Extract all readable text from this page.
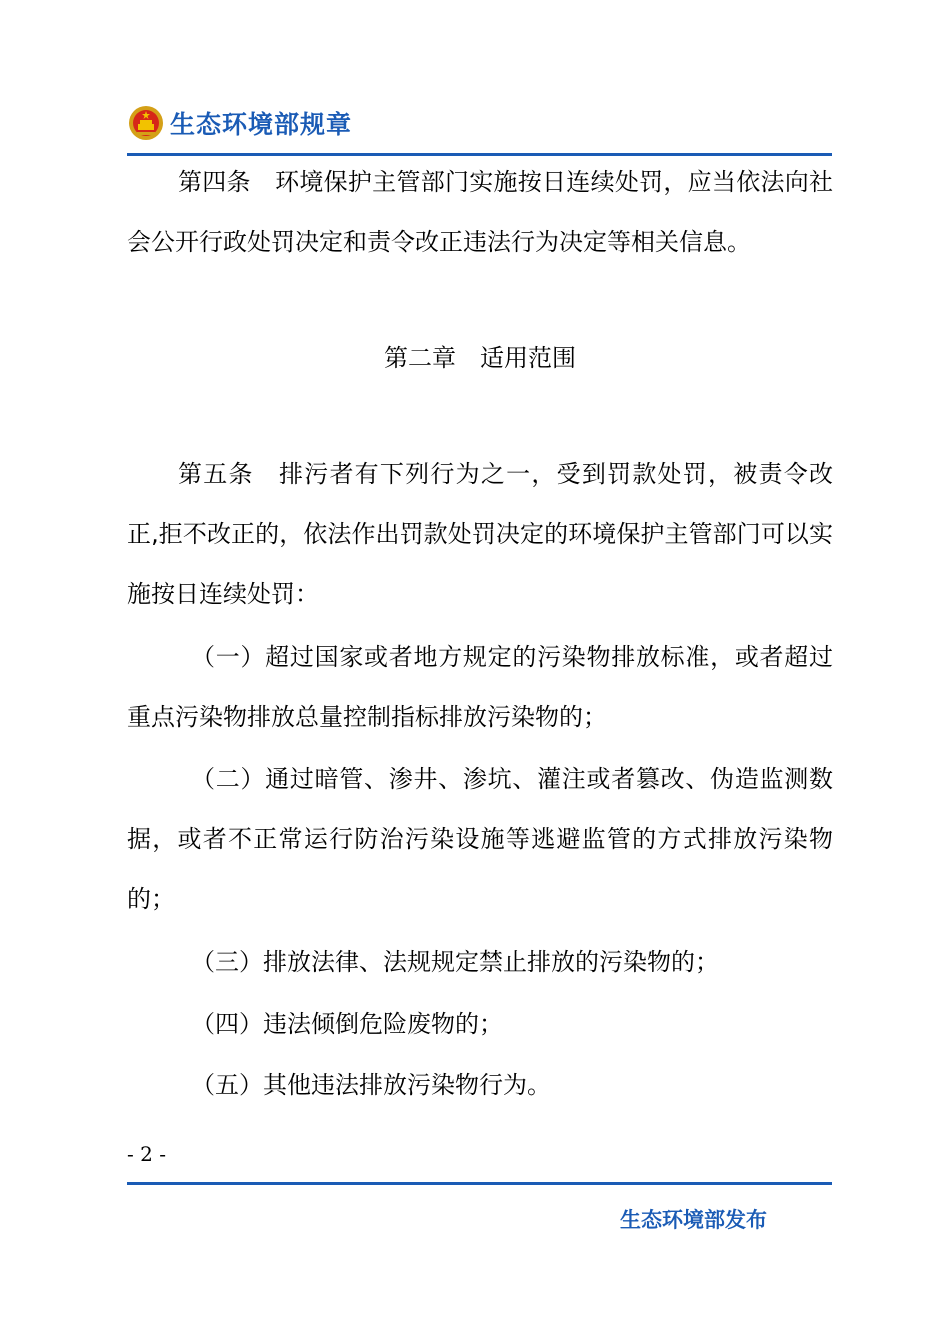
生态环境部规章

第四条　环境保护主管部门实施按日连续处罚，应当依法向社会公开行政处罚决定和责令改正违法行为决定等相关信息。

第二章　适用范围

第五条　排污者有下列行为之一，受到罚款处罚，被责令改正,拒不改正的，依法作出罚款处罚决定的环境保护主管部门可以实施按日连续处罚：

（一）超过国家或者地方规定的污染物排放标准，或者超过重点污染物排放总量控制指标排放污染物的；

（二）通过暗管、渗井、渗坑、灌注或者篡改、伪造监测数据，或者不正常运行防治污染设施等逃避监管的方式排放污染物的；

（三）排放法律、法规规定禁止排放的污染物的；

（四）违法倾倒危险废物的；

（五）其他违法排放污染物行为。

- 2 -
生态环境部发布
